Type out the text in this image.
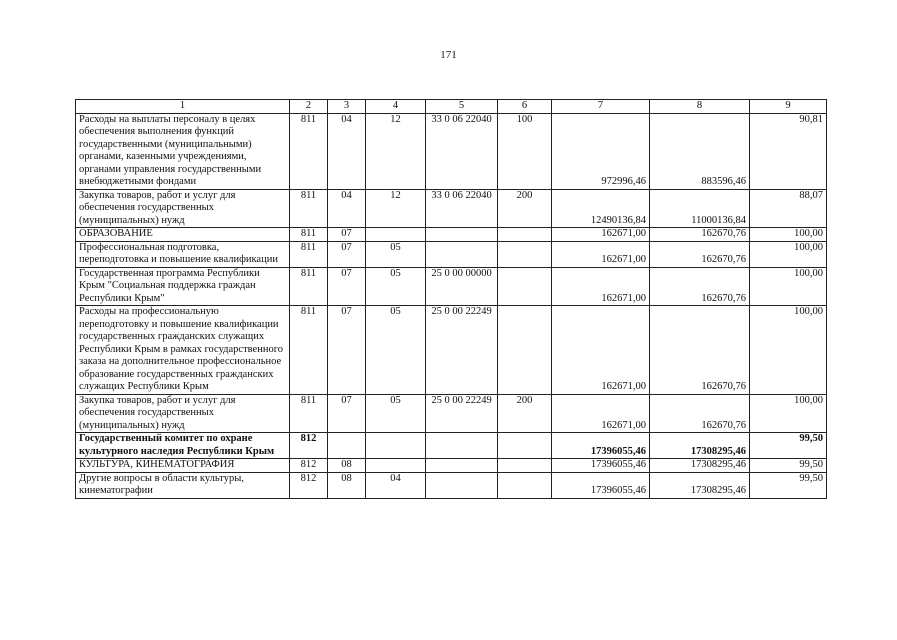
171
1	2	3	4	5	6	7	8	9
Расходы на выплаты персоналу в целях обеспечения выполнения функций государственными (муниципальными) органами, казенными учреждениями, органами управления государственными внебюджетными фондами	811	04	12	33 0 06 22040	100	972996,46	883596,46	90,81
Закупка товаров, работ и услуг для обеспечения государственных (муниципальных) нужд	811	04	12	33 0 06 22040	200	12490136,84	11000136,84	88,07
ОБРАЗОВАНИЕ	811	07				162671,00	162670,76	100,00
Профессиональная подготовка, переподготовка и повышение квалификации	811	07	05			162671,00	162670,76	100,00
Государственная программа Республики Крым "Социальная поддержка граждан Республики Крым"	811	07	05	25 0 00 00000		162671,00	162670,76	100,00
Расходы на профессиональную переподготовку и повышение квалификации государственных гражданских служащих Республики Крым в рамках государственного заказа на дополнительное профессиональное образование государственных гражданских служащих Республики Крым	811	07	05	25 0 00 22249		162671,00	162670,76	100,00
Закупка товаров, работ и услуг для обеспечения государственных (муниципальных) нужд	811	07	05	25 0 00 22249	200	162671,00	162670,76	100,00
Государственный комитет по охране культурного наследия Республики Крым	812					17396055,46	17308295,46	99,50
КУЛЬТУРА, КИНЕМАТОГРАФИЯ	812	08				17396055,46	17308295,46	99,50
Другие вопросы в области культуры, кинематографии	812	08	04			17396055,46	17308295,46	99,50
